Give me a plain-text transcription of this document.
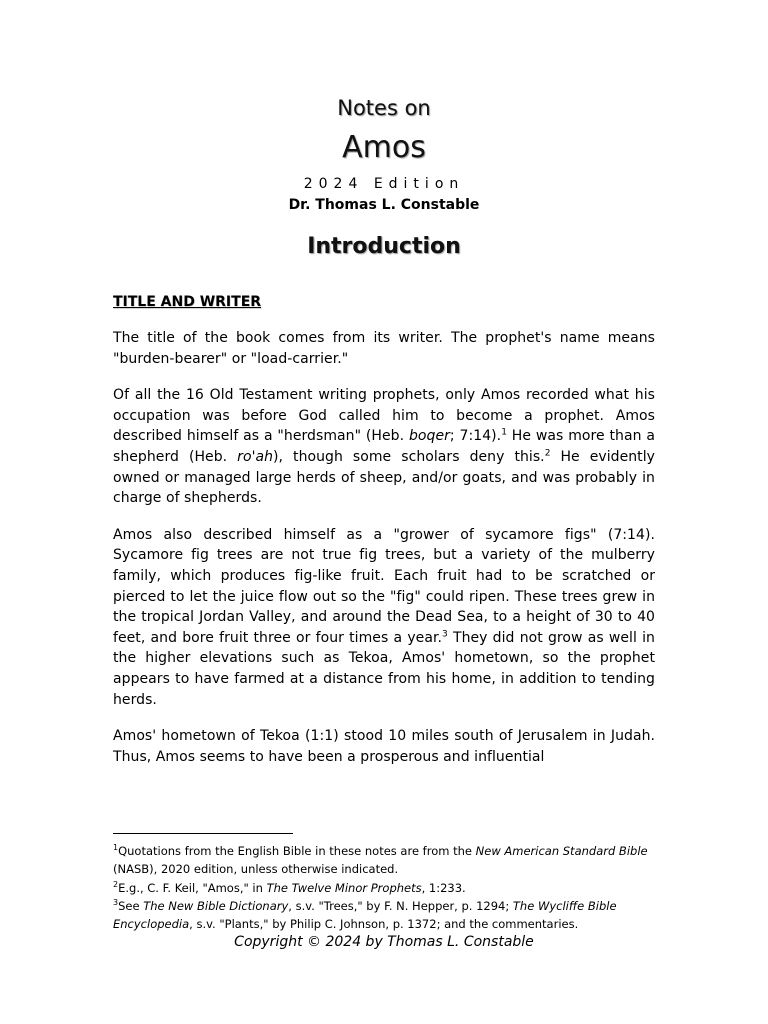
Notes on
Amos
2024 Edition
Dr. Thomas L. Constable
Introduction
TITLE AND WRITER

The title of the book comes from its writer. The prophet's name means "burden-bearer" or "load-carrier."

Of all the 16 Old Testament writing prophets, only Amos recorded what his occupation was before God called him to become a prophet. Amos described himself as a "herdsman" (Heb. boqer; 7:14).$^1$ He was more than a shepherd (Heb. ro'ah), though some scholars deny this.$^2$ He evidently owned or managed large herds of sheep, and/or goats, and was probably in charge of shepherds.

Amos also described himself as a "grower of sycamore figs" (7:14). Sycamore fig trees are not true fig trees, but a variety of the mulberry family, which produces fig-like fruit. Each fruit had to be scratched or pierced to let the juice flow out so the "fig" could ripen. These trees grew in the tropical Jordan Valley, and around the Dead Sea, to a height of 30 to 40 feet, and bore fruit three or four times a year.$^3$ They did not grow as well in the higher elevations such as Tekoa, Amos' hometown, so the prophet appears to have farmed at a distance from his home, in addition to tending herds.

Amos' hometown of Tekoa (1:1) stood 10 miles south of Jerusalem in Judah. Thus, Amos seems to have been a prosperous and influential

$^1$Quotations from the English Bible in these notes are from the New American Standard Bible (NASB), 2020 edition, unless otherwise indicated.

$^2$E.g., C. F. Keil, "Amos," in The Twelve Minor Prophets, 1:233.

$^3$See The New Bible Dictionary, s.v. "Trees," by F. N. Hepper, p. 1294; The Wycliffe Bible Encyclopedia, s.v. "Plants," by Philip C. Johnson, p. 1372; and the commentaries.

Copyright © 2024 by Thomas L. Constable
